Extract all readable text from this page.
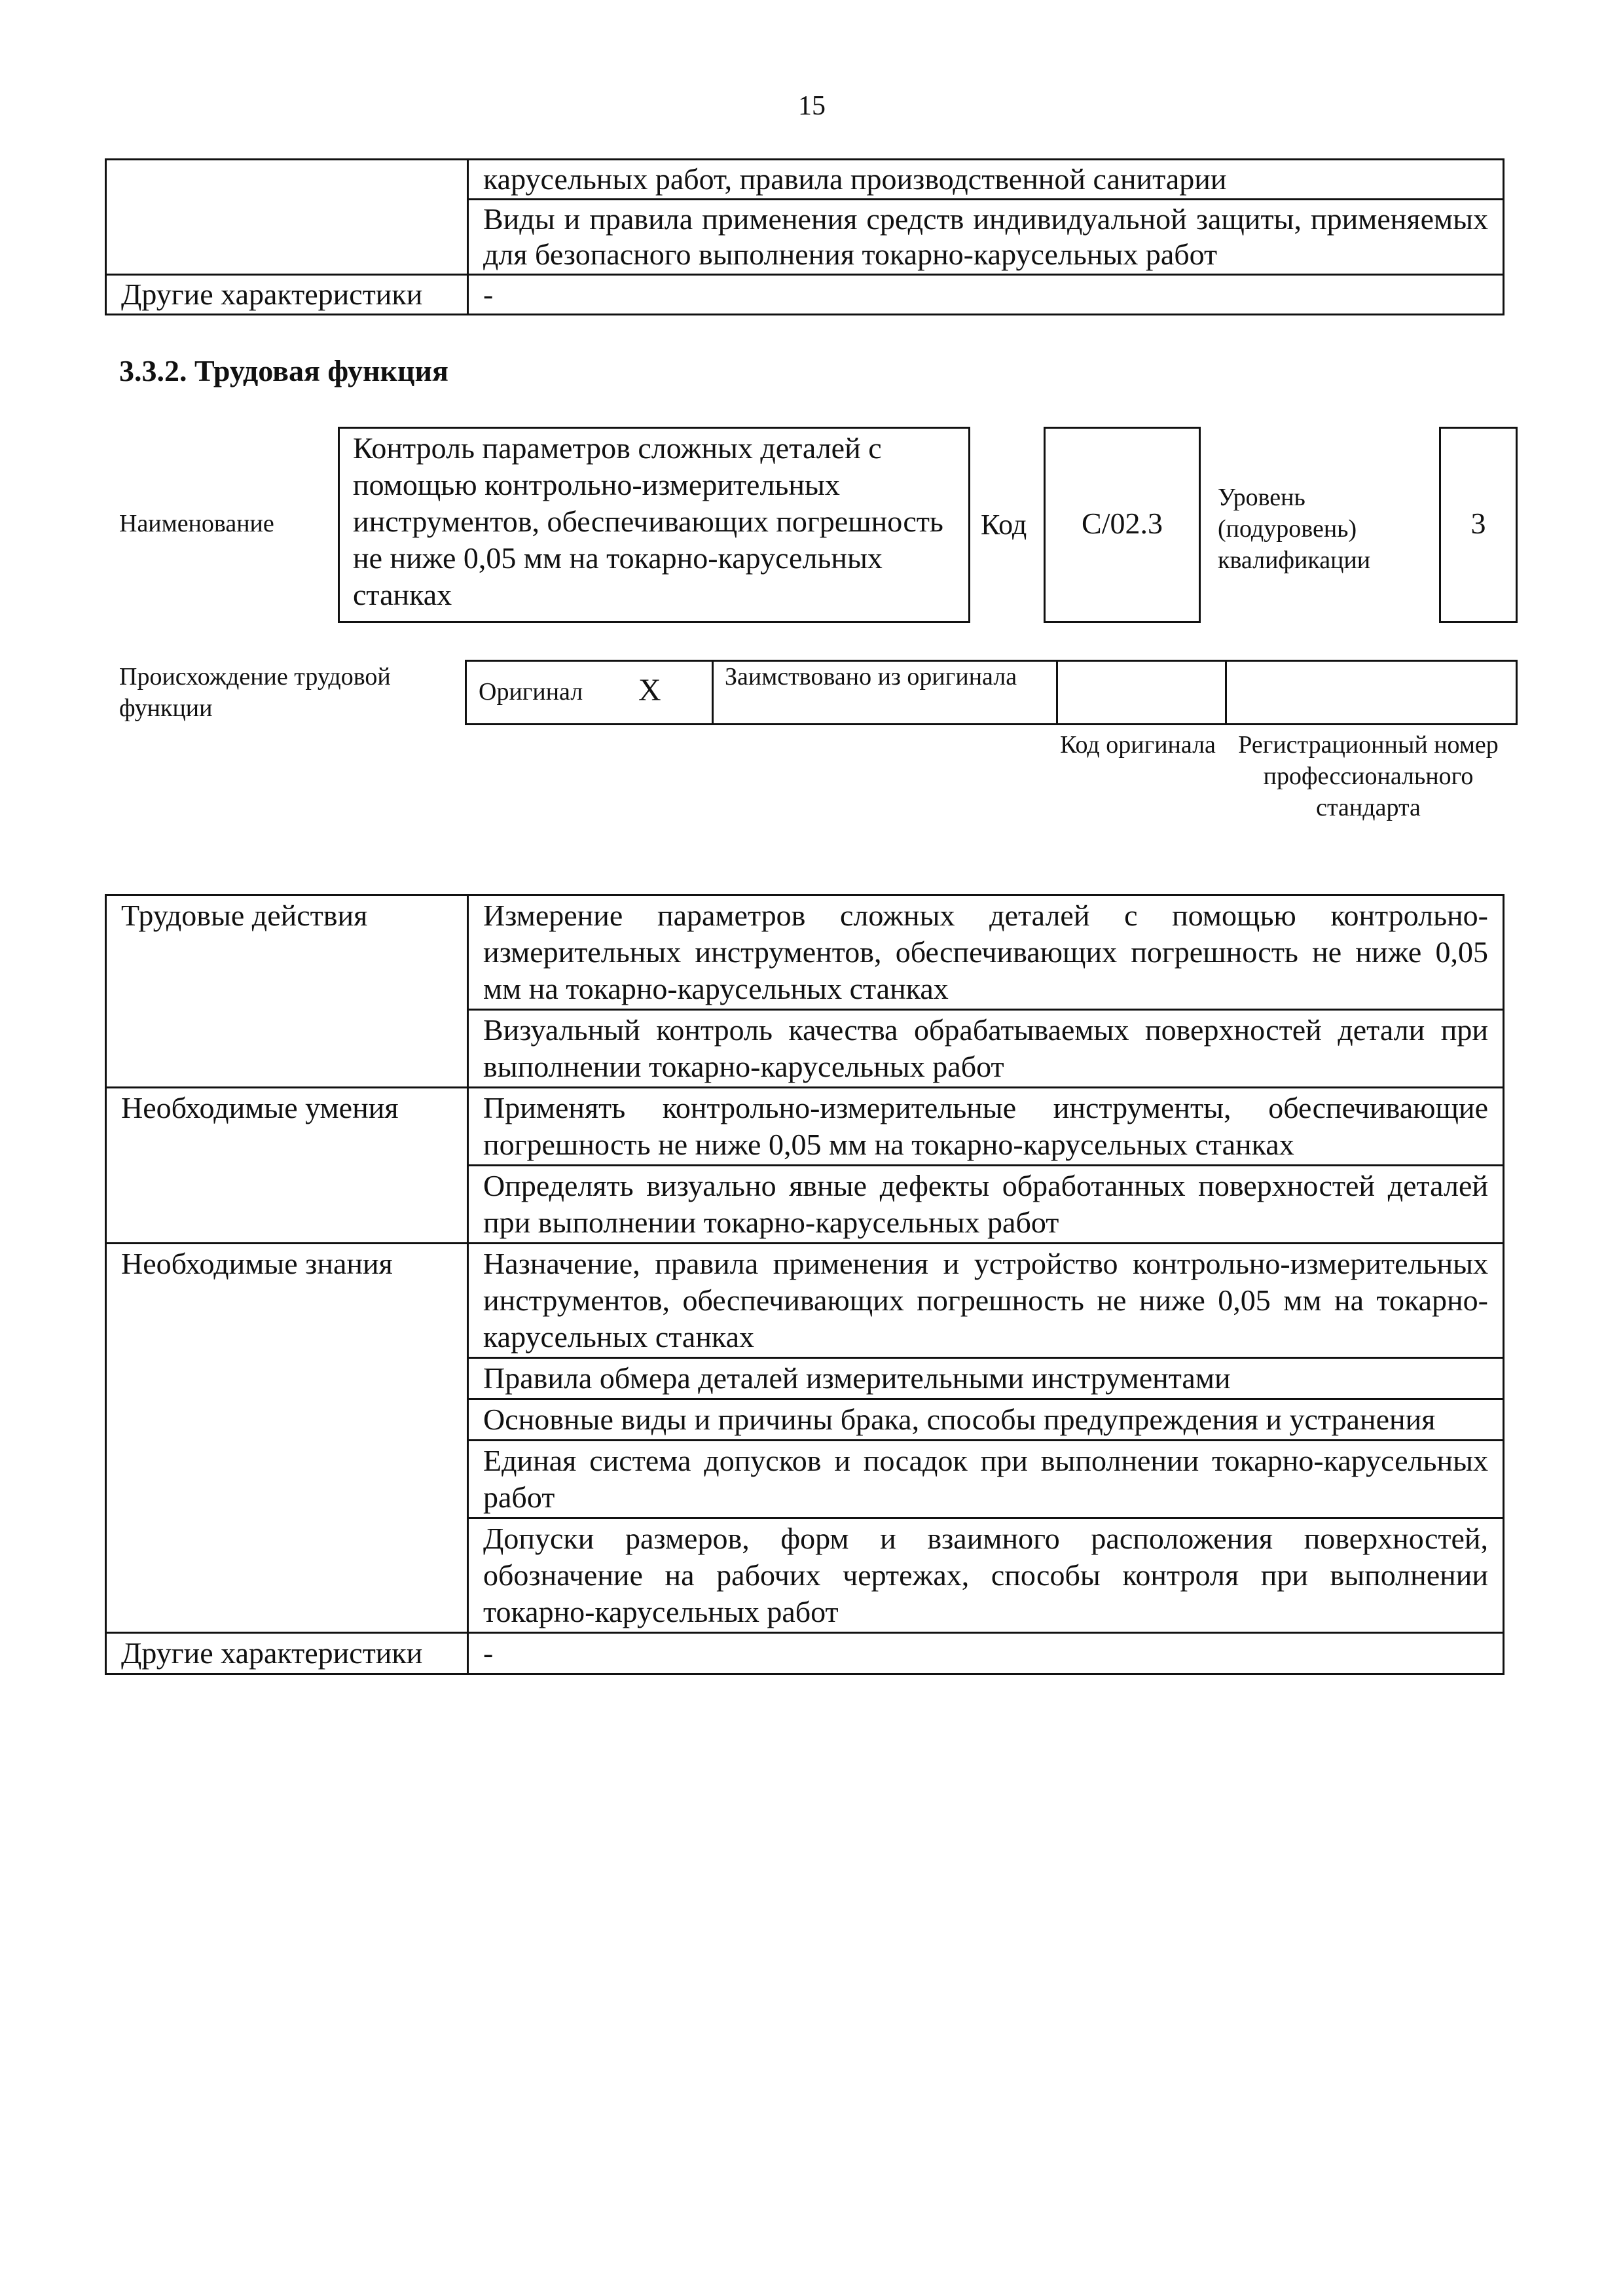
15
	карусельных работ, правила производственной санитарии
	Виды и правила применения средств индивидуальной защиты, применяемых для безопасного выполнения токарно-карусельных работ
Другие характеристики	-
3.3.2. Трудовая функция
Наименование
Контроль параметров сложных деталей с помощью контрольно-измерительных инструментов, обеспечивающих погрешность не ниже 0,05 мм на токарно-карусельных станках
Код	С/02.3
Уровень (подуровень) квалификации
3
Происхождение трудовой функции
Оригинал X	Заимствовано из оригинала
Код оригинала Регистрационный номер профессионального стандарта
Трудовые действия	Измерение параметров сложных деталей с помощью контрольно-измерительных инструментов, обеспечивающих погрешность не ниже 0,05 мм на токарно-карусельных станках
	Визуальный контроль качества обрабатываемых поверхностей детали при выполнении токарно-карусельных работ
Необходимые умения	Применять контрольно-измерительные инструменты, обеспечивающие погрешность не ниже 0,05 мм на токарно-карусельных станках
	Определять визуально явные дефекты обработанных поверхностей деталей при выполнении токарно-карусельных работ
Необходимые знания	Назначение, правила применения и устройство контрольно-измерительных инструментов, обеспечивающих погрешность не ниже 0,05 мм на токарно-карусельных станках
	Правила обмера деталей измерительными инструментами
	Основные виды и причины брака, способы предупреждения и устранения
	Единая система допусков и посадок при выполнении токарно-карусельных работ
	Допуски размеров, форм и взаимного расположения поверхностей, обозначение на рабочих чертежах, способы контроля при выполнении токарно-карусельных работ
Другие характеристики	-
